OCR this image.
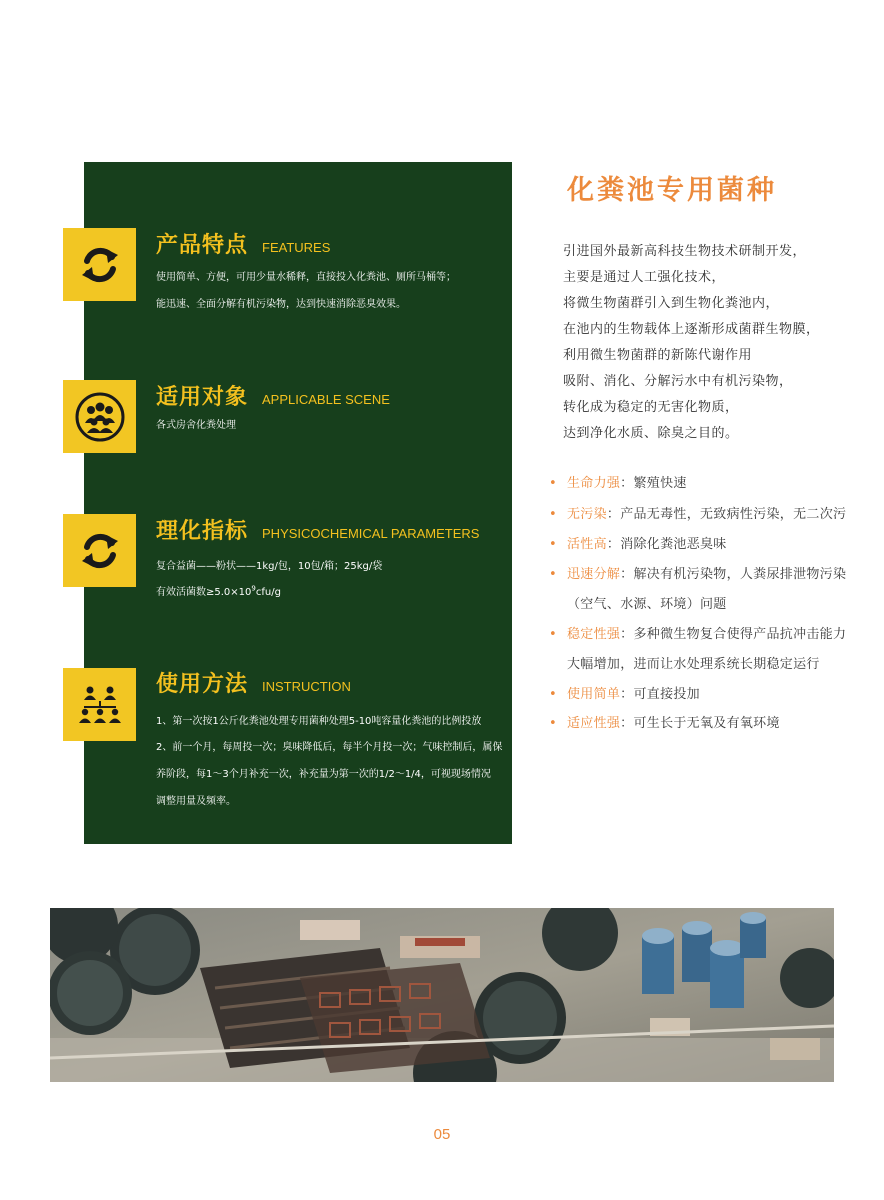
产品特点 FEATURES
使用简单、方便，可用少量水稀释，直接投入化粪池、厕所马桶等；
能迅速、全面分解有机污染物，达到快速消除恶臭效果。
适用对象 APPLICABLE SCENE
各式房舍化粪处理
理化指标 PHYSICOCHEMICAL PARAMETERS
复合益菌——粉状——1kg/包，10包/箱；25kg/袋
有效活菌数$\ge 5.0\times 10^9cfu/g$
使用方法 INSTRUCTION
1、第一次按1公斤化粪池处理专用菌种处理5-10吨容量化粪池的比例投放
2、前一个月，每周投一次；臭味降低后，每半个月投一次；气味控制后，属保
养阶段，每1～3个月补充一次，补充量为第一次的1/2～1/4，可视现场情况
调整用量及频率。
化粪池专用菌种
引进国外最新高科技生物技术研制开发，
主要是通过人工强化技术，
将微生物菌群引入到生物化粪池内，
在池内的生物载体上逐渐形成菌群生物膜，
利用微生物菌群的新陈代谢作用
吸附、消化、分解污水中有机污染物，
转化成为稳定的无害化物质，
达到净化水质、除臭之目的。
• 生命力强：繁殖快速
• 无污染：产品无毒性，无致病性污染，无二次污
• 活性高：消除化粪池恶臭味
• 迅速分解：解决有机污染物，人粪尿排泄物污染
（空气、水源、环境）问题
• 稳定性强：多种微生物复合使得产品抗冲击能力
大幅增加，进而让水处理系统长期稳定运行
• 使用简单：可直接投加
• 适应性强：可生长于无氧及有氧环境
05
